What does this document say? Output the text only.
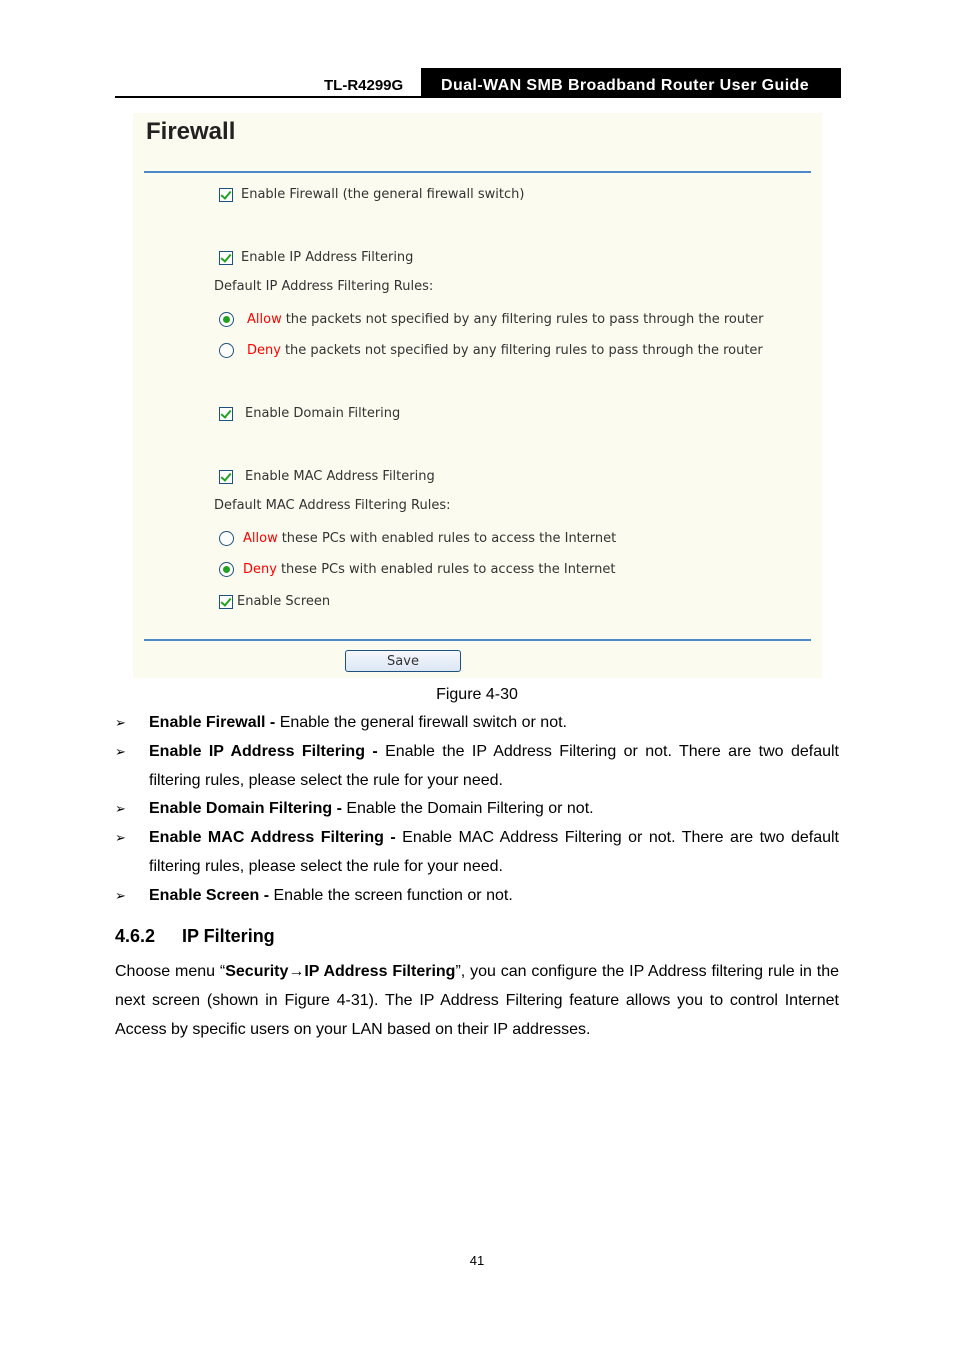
TL-R4299G	Dual-WAN SMB Broadband Router User Guide
Firewall
Enable Firewall (the general firewall switch)
Enable IP Address Filtering
Default IP Address Filtering Rules:
Allow the packets not specified by any filtering rules to pass through the router
Deny the packets not specified by any filtering rules to pass through the router
Enable Domain Filtering
Enable MAC Address Filtering
Default MAC Address Filtering Rules:
Allow these PCs with enabled rules to access the Internet
Deny these PCs with enabled rules to access the Internet
Enable Screen
Save
Figure 4-30
➢ Enable Firewall - Enable the general firewall switch or not.
➢ Enable IP Address Filtering - Enable the IP Address Filtering or not. There are two default filtering rules, please select the rule for your need.
➢ Enable Domain Filtering - Enable the Domain Filtering or not.
➢ Enable MAC Address Filtering - Enable MAC Address Filtering or not. There are two default filtering rules, please select the rule for your need.
➢ Enable Screen - Enable the screen function or not.
4.6.2 IP Filtering
Choose menu “Security→IP Address Filtering”, you can configure the IP Address filtering rule in the next screen (shown in Figure 4-31). The IP Address Filtering feature allows you to control Internet Access by specific users on your LAN based on their IP addresses.
41
